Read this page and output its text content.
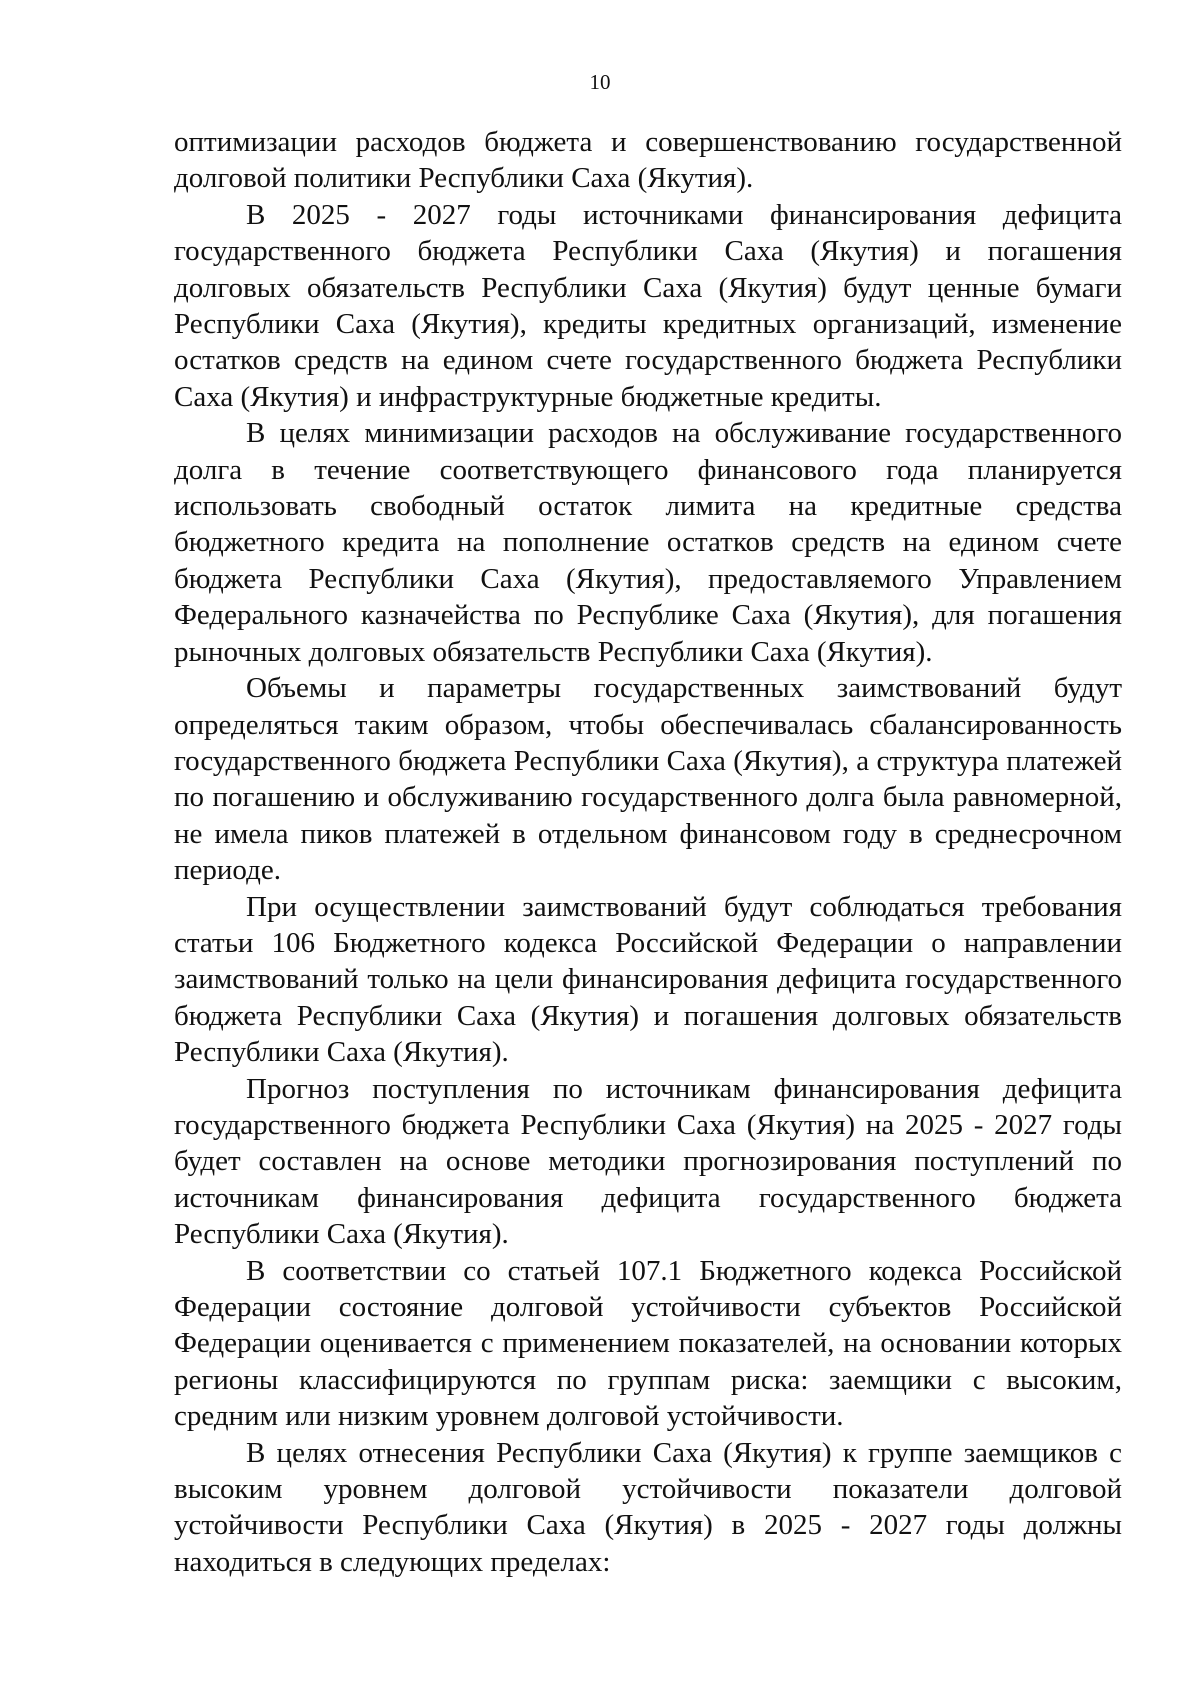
10

оптимизации расходов бюджета и совершенствованию государственной долговой политики Республики Саха (Якутия).

В 2025 - 2027 годы источниками финансирования дефицита государственного бюджета Республики Саха (Якутия) и погашения долговых обязательств Республики Саха (Якутия) будут ценные бумаги Республики Саха (Якутия), кредиты кредитных организаций, изменение остатков средств на едином счете государственного бюджета Республики Саха (Якутия) и инфраструктурные бюджетные кредиты.

В целях минимизации расходов на обслуживание государственного долга в течение соответствующего финансового года планируется использовать свободный остаток лимита на кредитные средства бюджетного кредита на пополнение остатков средств на едином счете бюджета Республики Саха (Якутия), предоставляемого Управлением Федерального казначейства по Республике Саха (Якутия), для погашения рыночных долговых обязательств Республики Саха (Якутия).

Объемы и параметры государственных заимствований будут определяться таким образом, чтобы обеспечивалась сбалансированность государственного бюджета Республики Саха (Якутия), а структура платежей по погашению и обслуживанию государственного долга была равномерной, не имела пиков платежей в отдельном финансовом году в среднесрочном периоде.

При осуществлении заимствований будут соблюдаться требования статьи 106 Бюджетного кодекса Российской Федерации о направлении заимствований только на цели финансирования дефицита государственного бюджета Республики Саха (Якутия) и погашения долговых обязательств Республики Саха (Якутия).

Прогноз поступления по источникам финансирования дефицита государственного бюджета Республики Саха (Якутия) на 2025 - 2027 годы будет составлен на основе методики прогнозирования поступлений по источникам финансирования дефицита государственного бюджета Республики Саха (Якутия).

В соответствии со статьей 107.1 Бюджетного кодекса Российской Федерации состояние долговой устойчивости субъектов Российской Федерации оценивается с применением показателей, на основании которых регионы классифицируются по группам риска: заемщики с высоким, средним или низким уровнем долговой устойчивости.

В целях отнесения Республики Саха (Якутия) к группе заемщиков с высоким уровнем долговой устойчивости показатели долговой устойчивости Республики Саха (Якутия) в 2025 - 2027 годы должны находиться в следующих пределах:
